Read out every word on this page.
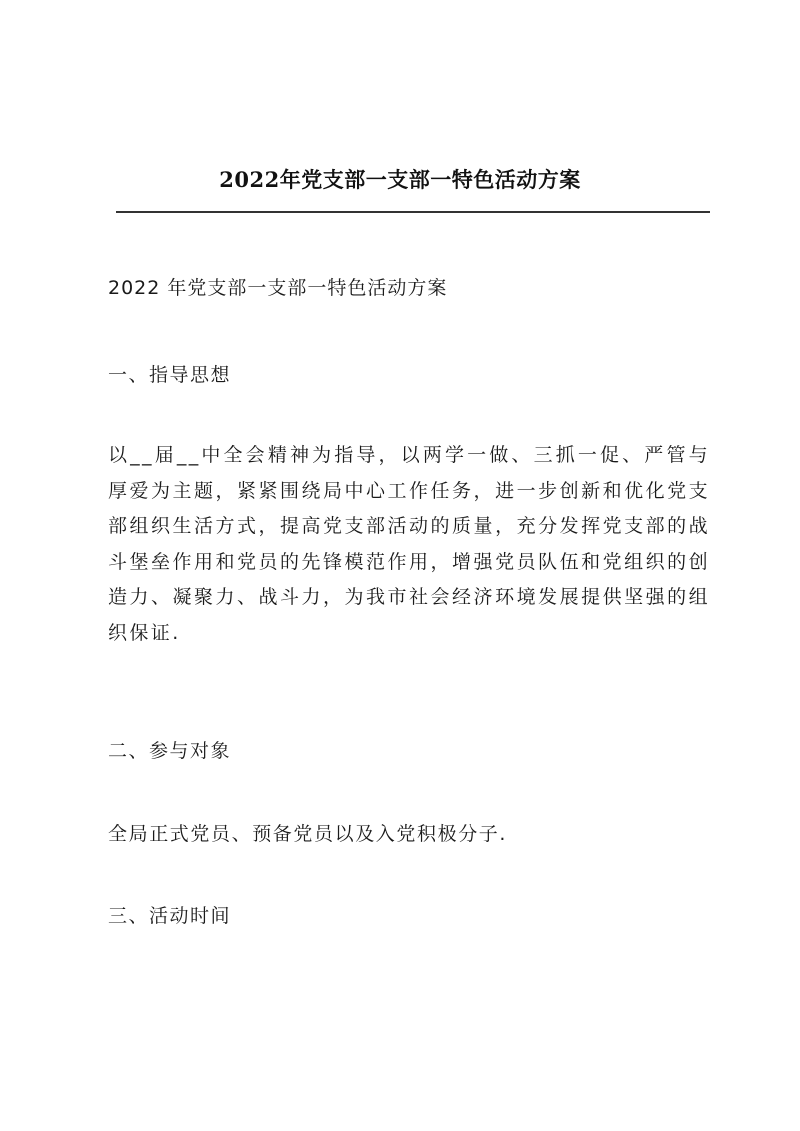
2022年党支部一支部一特色活动方案
2022 年党支部一支部一特色活动方案
一、指导思想
以__届__中全会精神为指导，以两学一做、三抓一促、严管与厚爱为主题，紧紧围绕局中心工作任务，进一步创新和优化党支部组织生活方式，提高党支部活动的质量，充分发挥党支部的战斗堡垒作用和党员的先锋模范作用，增强党员队伍和党组织的创造力、凝聚力、战斗力，为我市社会经济环境发展提供坚强的组织保证.
二、参与对象
全局正式党员、预备党员以及入党积极分子.
三、活动时间
